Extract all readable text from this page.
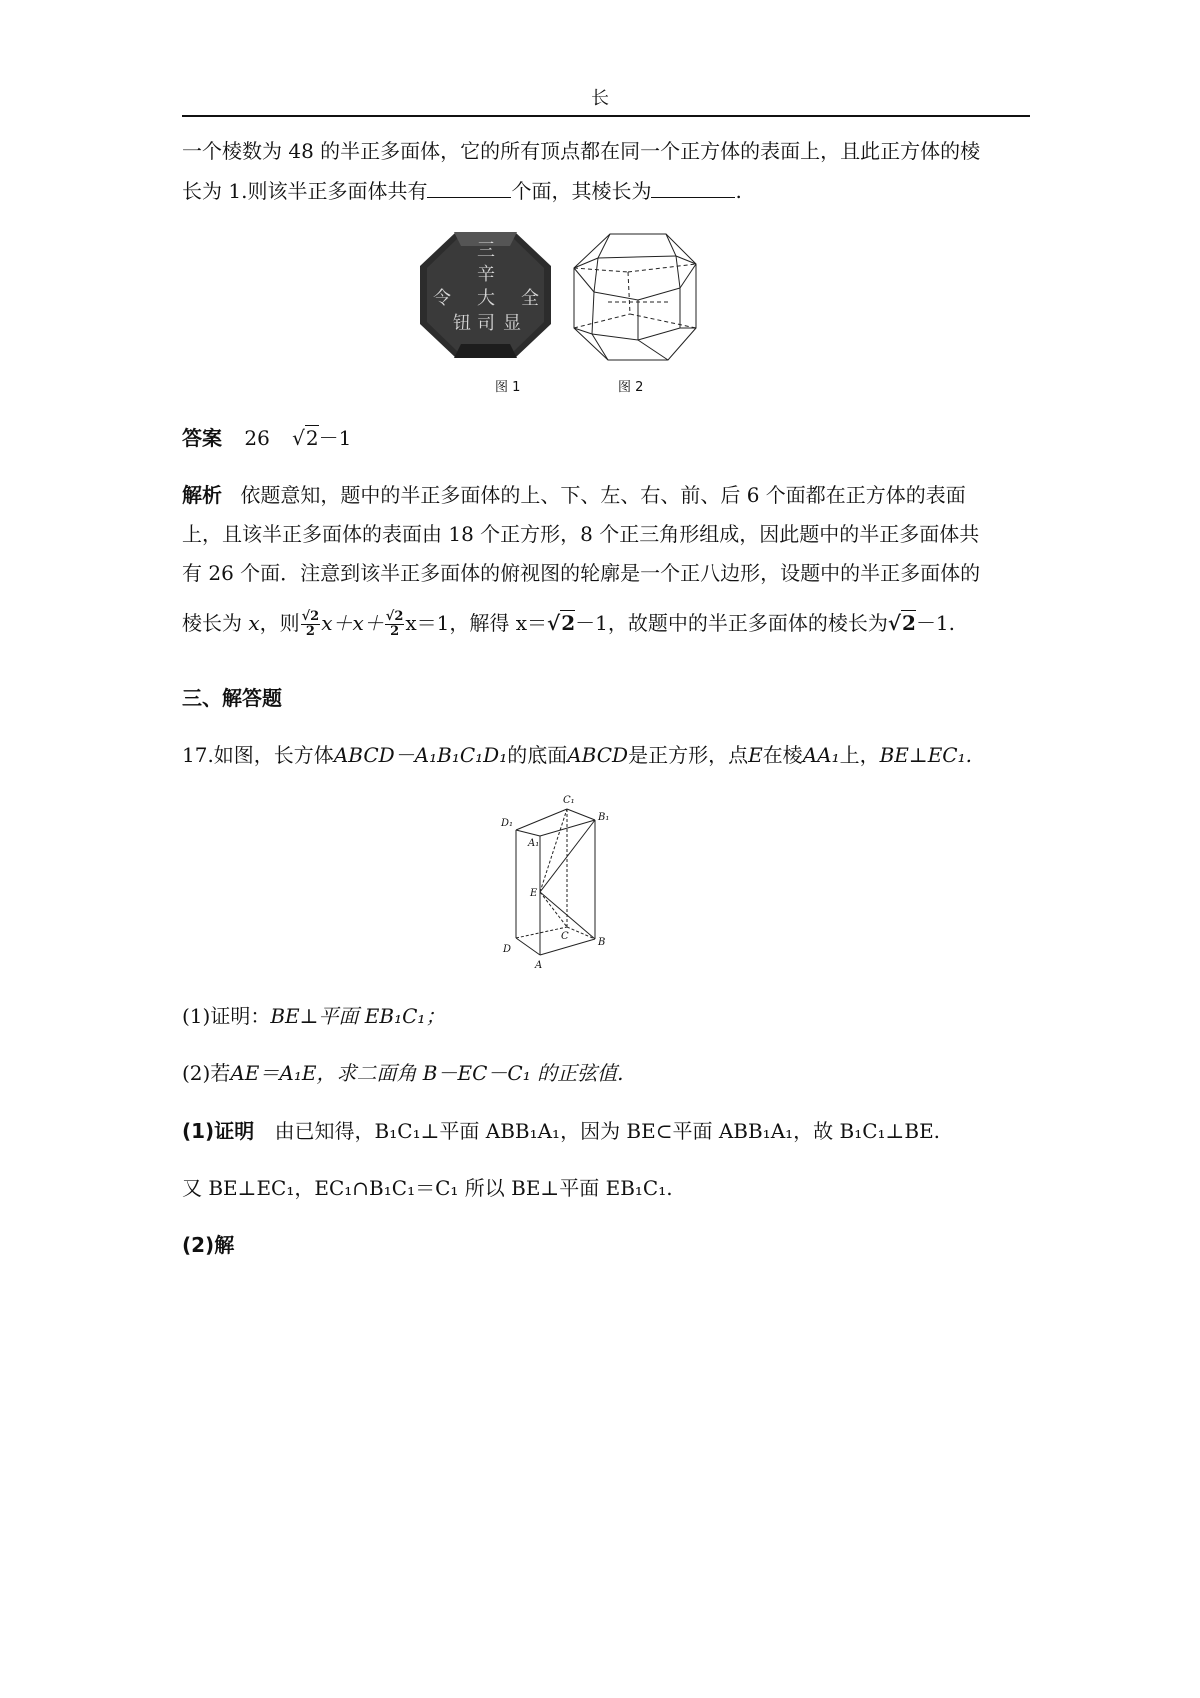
长
一个棱数为 48 的半正多面体，它的所有顶点都在同一个正方体的表面上，且此正方体的棱
长为 1.则该半正多面体共有	个面，其棱长为	.
三
辛
大
司
令	全
钮 显
图 1	图 2
答案 26 √2－1
解析 依题意知，题中的半正多面体的上、下、左、右、前、后 6 个面都在正方体的表面
上，且该半正多面体的表面由 18 个正方形，8 个正三角形组成，因此题中的半正多面体共
有 26 个面．注意到该半正多面体的俯视图的轮廓是一个正八边形，设题中的半正多面体的
棱长为 x，则 $\frac{√2}{2} x+x+ \frac{√2}{2} x=1$，解得 x＝√2－1，故题中的半正多面体的棱长为√2－1.
三、解答题
17.如图，长方体ABCD－A₁B₁C₁D₁的底面ABCD是正方形，点E在棱AA₁上，BE⊥EC₁.
C₁
D₁
B₁
A₁
E
C
D
B
A
(1)证明：BE⊥平面 EB₁C₁；
(2)若AE＝A₁E，求二面角 B－EC－C₁ 的正弦值.
(1)证明 由已知得，B₁C₁⊥平面 ABB₁A₁，因为 BE⊂平面 ABB₁A₁，故 B₁C₁⊥BE.
又 BE⊥EC₁，EC₁∩B₁C₁＝C₁ 所以 BE⊥平面 EB₁C₁.
(2)解
